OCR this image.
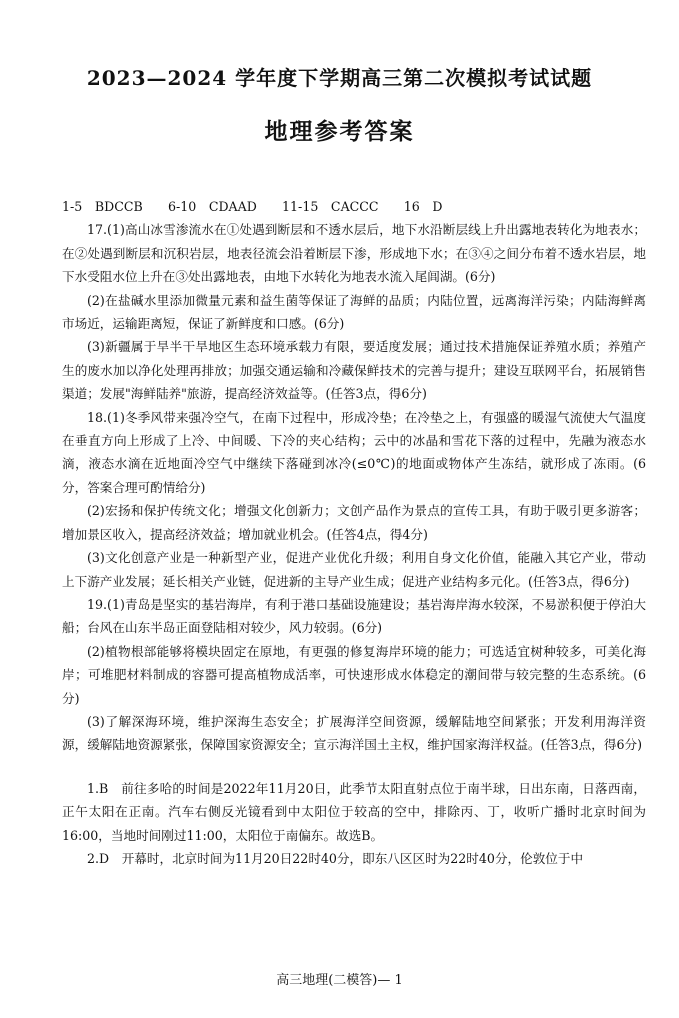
2023—2024 学年度下学期高三第二次模拟考试试题
地理参考答案
1-5　BDCCB　　6-10　CDAAD　　11-15　CACCC　　16　D

17.(1)高山冰雪渗流水在①处遇到断层和不透水层后，地下水沿断层线上升出露地表转化为地表水；在②处遇到断层和沉积岩层，地表径流会沿着断层下渗，形成地下水；在③④之间分布着不透水岩层，地下水受阻水位上升在③处出露地表，由地下水转化为地表水流入尾闾湖。(6分)

(2)在盐碱水里添加微量元素和益生菌等保证了海鲜的品质；内陆位置，远离海洋污染；内陆海鲜离市场近，运输距离短，保证了新鲜度和口感。(6分)

(3)新疆属于旱半干旱地区生态环境承载力有限，要适度发展；通过技术措施保证养殖水质；养殖产生的废水加以净化处理再排放；加强交通运输和冷藏保鲜技术的完善与提升；建设互联网平台，拓展销售渠道；发展"海鲜陆养"旅游，提高经济效益等。(任答3点，得6分)

18.(1)冬季风带来强冷空气，在南下过程中，形成冷垫；在冷垫之上，有强盛的暖湿气流使大气温度在垂直方向上形成了上冷、中间暖、下冷的夹心结构；云中的冰晶和雪花下落的过程中，先融为液态水滴，液态水滴在近地面冷空气中继续下落碰到冰冷(≤0℃)的地面或物体产生冻结，就形成了冻雨。(6分，答案合理可酌情给分)

(2)宏扬和保护传统文化；增强文化创新力；文创产品作为景点的宣传工具，有助于吸引更多游客；增加景区收入，提高经济效益；增加就业机会。(任答4点，得4分)

(3)文化创意产业是一种新型产业，促进产业优化升级；利用自身文化价值，能融入其它产业，带动上下游产业发展；延长相关产业链，促进新的主导产业生成；促进产业结构多元化。(任答3点，得6分)

19.(1)青岛是坚实的基岩海岸，有利于港口基础设施建设；基岩海岸海水较深，不易淤积便于停泊大船；台风在山东半岛正面登陆相对较少，风力较弱。(6分)

(2)植物根部能够将模块固定在原地，有更强的修复海岸环境的能力；可选适宜树种较多，可美化海岸；可堆肥材料制成的容器可提高植物成活率，可快速形成水体稳定的潮间带与较完整的生态系统。(6分)

(3)了解深海环境，维护深海生态安全；扩展海洋空间资源，缓解陆地空间紧张；开发利用海洋资源，缓解陆地资源紧张，保障国家资源安全；宣示海洋国土主权，维护国家海洋权益。(任答3点，得6分)

1.B　前往多哈的时间是2022年11月20日，此季节太阳直射点位于南半球，日出东南，日落西南，正午太阳在正南。汽车右侧反光镜看到中太阳位于较高的空中，排除丙、丁，收听广播时北京时间为16:00，当地时间刚过11:00，太阳位于南偏东。故选B。

2.D　开幕时，北京时间为11月20日22时40分，即东八区区时为22时40分，伦敦位于中

高三地理(二模答)— 1
